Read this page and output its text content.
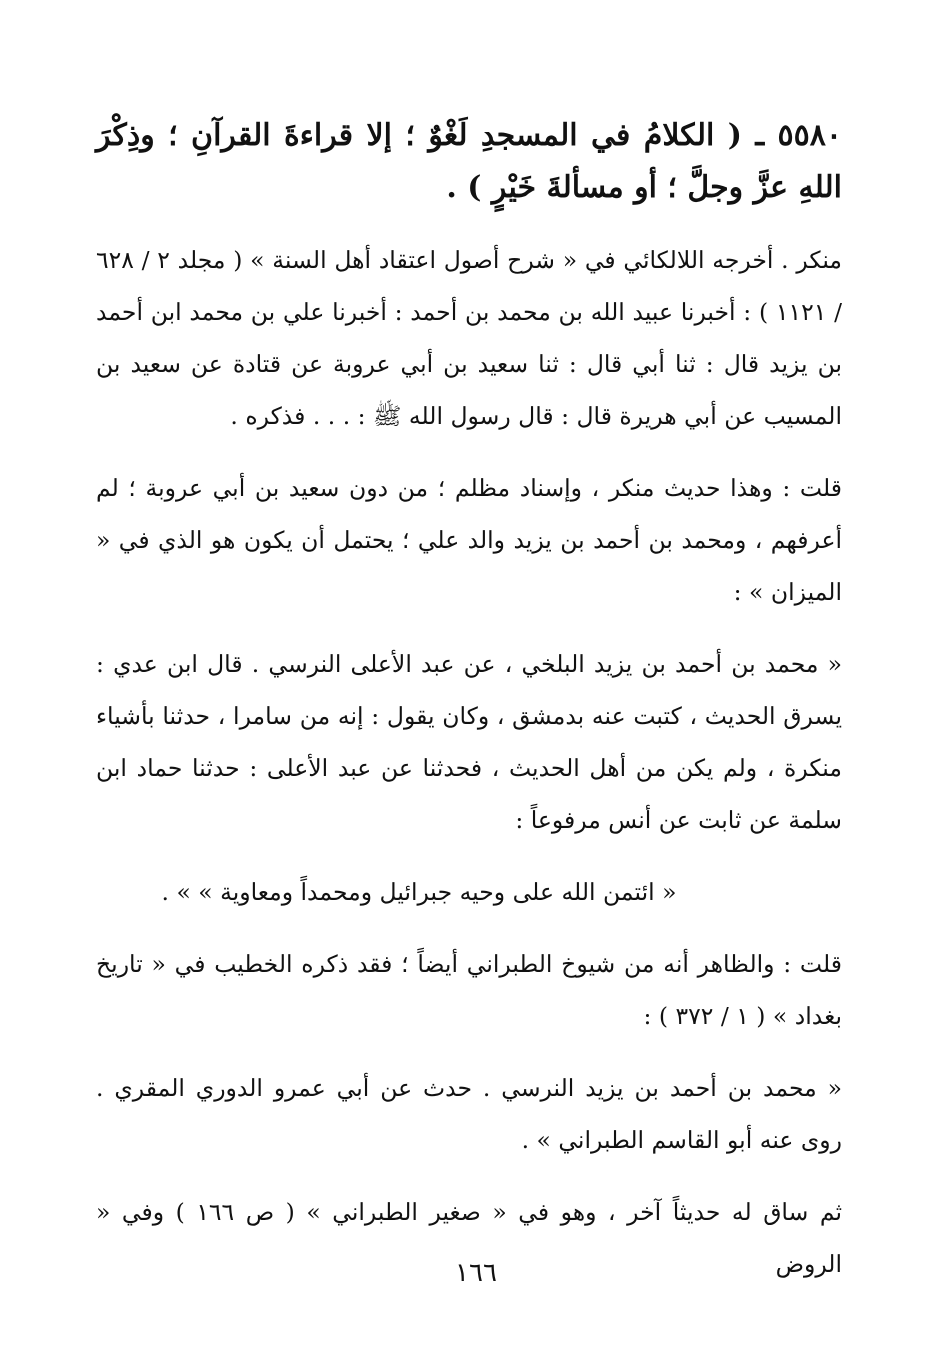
٥٥٨٠ ـ ( الكلامُ في المسجدِ لَغْوٌ ؛ إلا قراءةَ القرآنِ ؛ وذِكْرَ اللهِ عزَّ وجلَّ ؛ أو مسألةَ خَيْرٍ ) .

منكر . أخرجه اللالكائي في « شرح أصول اعتقاد أهل السنة » ( مجلد ٢ / ٦٢٨ / ١١٢١ ) : أخبرنا عبيد الله بن محمد بن أحمد : أخبرنا علي بن محمد ابن أحمد بن يزيد قال : ثنا أبي قال : ثنا سعيد بن أبي عروبة عن قتادة عن سعيد بن المسيب عن أبي هريرة قال : قال رسول الله ﷺ : . . . فذكره .

قلت : وهذا حديث منكر ، وإسناد مظلم ؛ من دون سعيد بن أبي عروبة ؛ لم أعرفهم ، ومحمد بن أحمد بن يزيد والد علي ؛ يحتمل أن يكون هو الذي في « الميزان » :

« محمد بن أحمد بن يزيد البلخي ، عن عبد الأعلى النرسي . قال ابن عدي : يسرق الحديث ، كتبت عنه بدمشق ، وكان يقول : إنه من سامرا ، حدثنا بأشياء منكرة ، ولم يكن من أهل الحديث ، فحدثنا عن عبد الأعلى : حدثنا حماد ابن سلمة عن ثابت عن أنس مرفوعاً :

« ائتمن الله على وحيه جبرائيل ومحمداً ومعاوية » » .

قلت : والظاهر أنه من شيوخ الطبراني أيضاً ؛ فقد ذكره الخطيب في « تاريخ بغداد » ( ١ / ٣٧٢ ) :

« محمد بن أحمد بن يزيد النرسي . حدث عن أبي عمرو الدوري المقري . روى عنه أبو القاسم الطبراني » .

ثم ساق له حديثاً آخر ، وهو في « صغير الطبراني » ( ص ١٦٦ ) وفي « الروض

١٦٦
